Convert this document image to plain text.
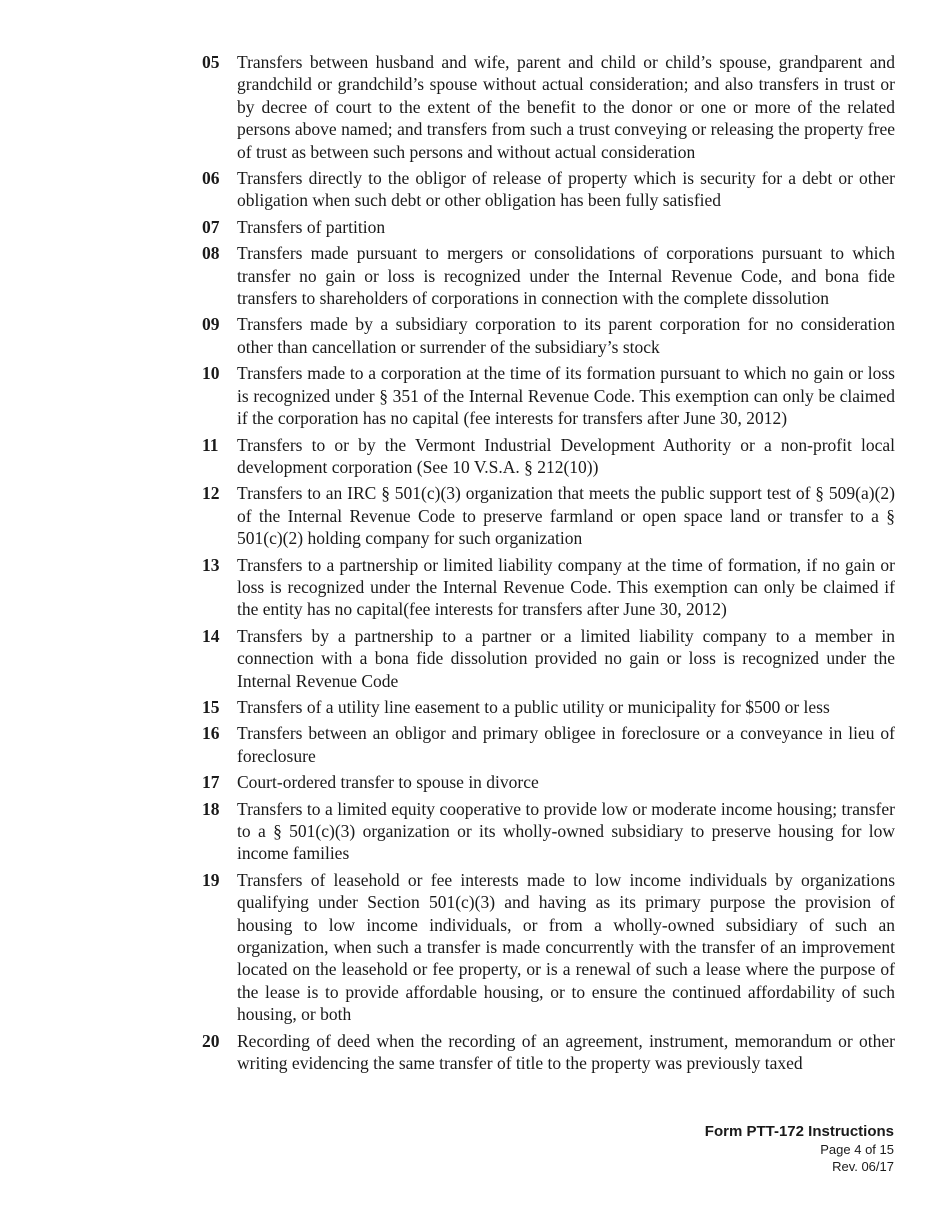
05	Transfers between husband and wife, parent and child or child’s spouse, grandparent and grandchild or grandchild’s spouse without actual consideration; and also transfers in trust or by decree of court to the extent of the benefit to the donor or one or more of the related persons above named; and transfers from such a trust conveying or releasing the property free of trust as between such persons and without actual consideration
06	Transfers directly to the obligor of release of property which is security for a debt or other obligation when such debt or other obligation has been fully satisfied
07	Transfers of partition
08	Transfers made pursuant to mergers or consolidations of corporations pursuant to which transfer no gain or loss is recognized under the Internal Revenue Code, and bona fide transfers to shareholders of corporations in connection with the complete dissolution
09	Transfers made by a subsidiary corporation to its parent corporation for no consideration other than cancellation or surrender of the subsidiary’s stock
10	Transfers made to a corporation at the time of its formation pursuant to which no gain or loss is recognized under § 351 of the Internal Revenue Code. This exemption can only be claimed if the corporation has no capital (fee interests for transfers after June 30, 2012)
11	Transfers to or by the Vermont Industrial Development Authority or a non-profit local development corporation (See 10 V.S.A. § 212(10))
12	Transfers to an IRC § 501(c)(3) organization that meets the public support test of § 509(a)(2) of the Internal Revenue Code to preserve farmland or open space land or transfer to a § 501(c)(2) holding company for such organization
13	Transfers to a partnership or limited liability company at the time of formation, if no gain or loss is recognized under the Internal Revenue Code. This exemption can only be claimed if the entity has no capital(fee interests for transfers after June 30, 2012)
14	Transfers by a partnership to a partner or a limited liability company to a member in connection with a bona fide dissolution provided no gain or loss is recognized under the Internal Revenue Code
15	Transfers of a utility line easement to a public utility or municipality for $500 or less
16	Transfers between an obligor and primary obligee in foreclosure or a conveyance in lieu of foreclosure
17	Court-ordered transfer to spouse in divorce
18	Transfers to a limited equity cooperative to provide low or moderate income housing; transfer to a § 501(c)(3) organization or its wholly-owned subsidiary to preserve housing for low income families
19	Transfers of leasehold or fee interests made to low income individuals by organizations qualifying under Section 501(c)(3) and having as its primary purpose the provision of housing to low income individuals, or from a wholly-owned subsidiary of such an organization, when such a transfer is made concurrently with the transfer of an improvement located on the leasehold or fee property, or is a renewal of such a lease where the purpose of the lease is to provide affordable housing, or to ensure the continued affordability of such housing, or both
20	Recording of deed when the recording of an agreement, instrument, memorandum or other writing evidencing the same transfer of title to the property was previously taxed
Form PTT-172 Instructions
Page 4 of 15
Rev. 06/17
